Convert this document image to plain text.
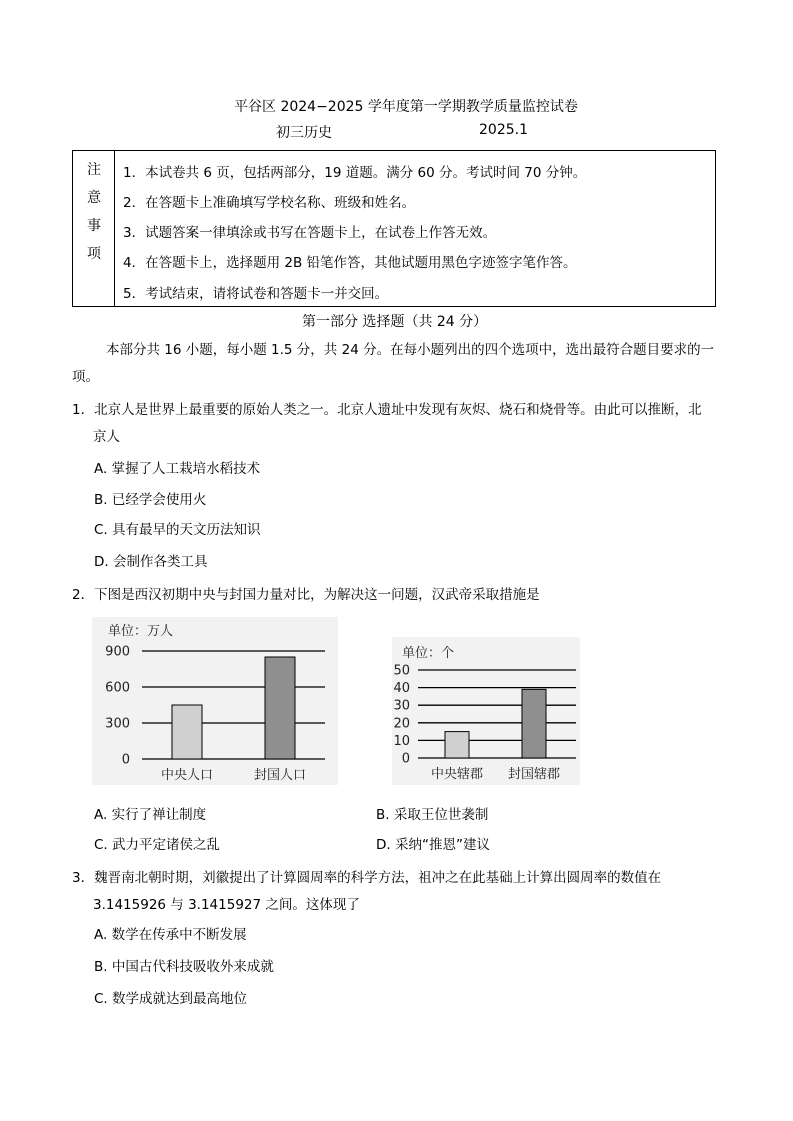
平谷区 2024−2025 学年度第一学期教学质量监控试卷
初三历史	2025.1
注
意
事
项
1．本试卷共 6 页，包括两部分，19 道题。满分 60 分。考试时间 70 分钟。
2．在答题卡上准确填写学校名称、班级和姓名。
3．试题答案一律填涂或书写在答题卡上，在试卷上作答无效。
4．在答题卡上，选择题用 2B 铅笔作答，其他试题用黑色字迹签字笔作答。
5．考试结束，请将试卷和答题卡一并交回。
第一部分 选择题（共 24 分）
本部分共 16 小题，每小题 1.5 分，共 24 分。在每小题列出的四个选项中，选出最符合题目要求的一
项。
1．北京人是世界上最重要的原始人类之一。北京人遗址中发现有灰烬、烧石和烧骨等。由此可以推断，北
京人
A. 掌握了人工栽培水稻技术
B. 已经学会使用火
C. 具有最早的天文历法知识
D. 会制作各类工具
2．下图是西汉初期中央与封国力量对比，为解决这一问题，汉武帝采取措施是
单位：万人
0
300
600
900
中央人口	封国人口
单位：个
0
10
20
30
40
50
中央辖郡 封国辖郡
A. 实行了禅让制度	B. 采取王位世袭制
C. 武力平定诸侯之乱	D. 采纳“推恩”建议
3．魏晋南北朝时期，刘徽提出了计算圆周率的科学方法，祖冲之在此基础上计算出圆周率的数值在
3.1415926 与 3.1415927 之间。这体现了
A. 数学在传承中不断发展
B. 中国古代科技吸收外来成就
C. 数学成就达到最高地位
